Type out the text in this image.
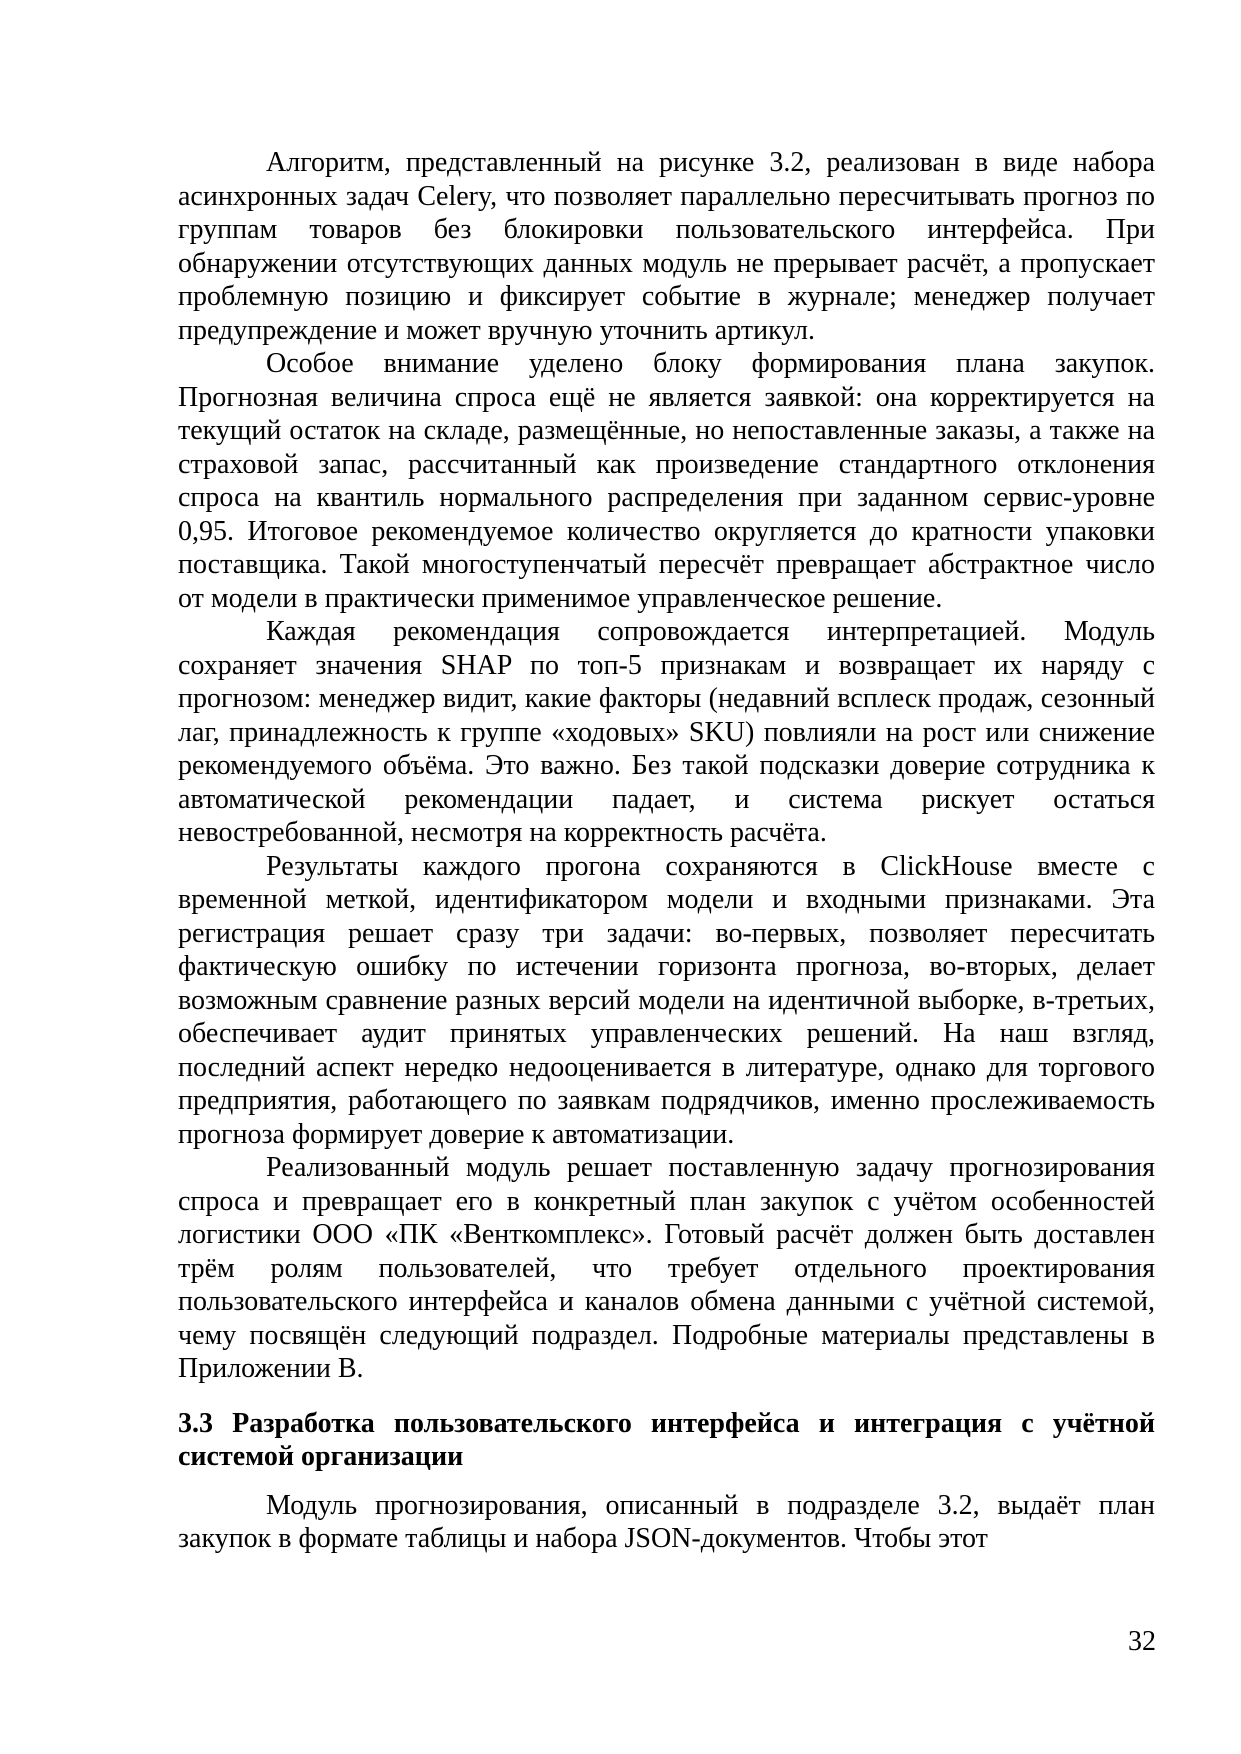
Алгоритм, представленный на рисунке 3.2, реализован в виде набора асинхронных задач Celery, что позволяет параллельно пересчитывать прогноз по группам товаров без блокировки пользовательского интерфейса. При обнаружении отсутствующих данных модуль не прерывает расчёт, а пропускает проблемную позицию и фиксирует событие в журнале; менеджер получает предупреждение и может вручную уточнить артикул.

Особое внимание уделено блоку формирования плана закупок. Прогнозная величина спроса ещё не является заявкой: она корректируется на текущий остаток на складе, размещённые, но непоставленные заказы, а также на страховой запас, рассчитанный как произведение стандартного отклонения спроса на квантиль нормального распределения при заданном сервис-уровне 0,95. Итоговое рекомендуемое количество округляется до кратности упаковки поставщика. Такой многоступенчатый пересчёт превращает абстрактное число от модели в практически применимое управленческое решение.

Каждая рекомендация сопровождается интерпретацией. Модуль сохраняет значения SHAP по топ-5 признакам и возвращает их наряду с прогнозом: менеджер видит, какие факторы (недавний всплеск продаж, сезонный лаг, принадлежность к группе «ходовых» SKU) повлияли на рост или снижение рекомендуемого объёма. Это важно. Без такой подсказки доверие сотрудника к автоматической рекомендации падает, и система рискует остаться невостребованной, несмотря на корректность расчёта.

Результаты каждого прогона сохраняются в ClickHouse вместе с временной меткой, идентификатором модели и входными признаками. Эта регистрация решает сразу три задачи: во-первых, позволяет пересчитать фактическую ошибку по истечении горизонта прогноза, во-вторых, делает возможным сравнение разных версий модели на идентичной выборке, в-третьих, обеспечивает аудит принятых управленческих решений. На наш взгляд, последний аспект нередко недооценивается в литературе, однако для торгового предприятия, работающего по заявкам подрядчиков, именно прослеживаемость прогноза формирует доверие к автоматизации.

Реализованный модуль решает поставленную задачу прогнозирования спроса и превращает его в конкретный план закупок с учётом особенностей логистики ООО «ПК «Венткомплекс». Готовый расчёт должен быть доставлен трём ролям пользователей, что требует отдельного проектирования пользовательского интерфейса и каналов обмена данными с учётной системой, чему посвящён следующий подраздел. Подробные материалы представлены в Приложении В.

3.3 Разработка пользовательского интерфейса и интеграция с учётной системой организации

Модуль прогнозирования, описанный в подразделе 3.2, выдаёт план закупок в формате таблицы и набора JSON-документов. Чтобы этот

32
